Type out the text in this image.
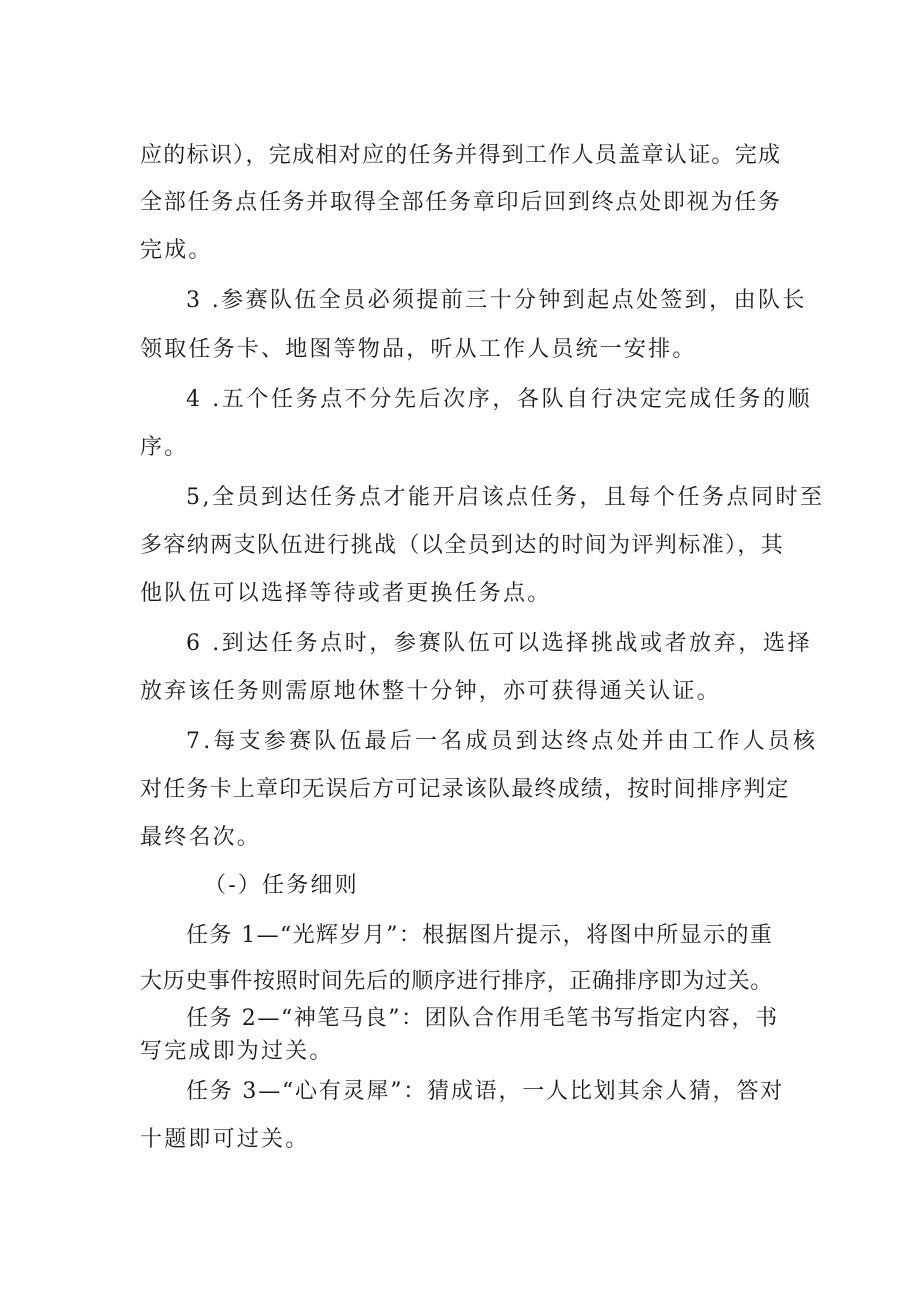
应的标识），完成相对应的任务并得到工作人员盖章认证。完成
全部任务点任务并取得全部任务章印后回到终点处即视为任务
完成。
3 .参赛队伍全员必须提前三十分钟到起点处签到，由队长
领取任务卡、地图等物品，听从工作人员统一安排。
4 .五个任务点不分先后次序，各队自行决定完成任务的顺
序。
5,全员到达任务点才能开启该点任务，且每个任务点同时至
多容纳两支队伍进行挑战（以全员到达的时间为评判标准），其
他队伍可以选择等待或者更换任务点。
6 .到达任务点时，参赛队伍可以选择挑战或者放弃，选择
放弃该任务则需原地休整十分钟，亦可获得通关认证。
7.每支参赛队伍最后一名成员到达终点处并由工作人员核
对任务卡上章印无误后方可记录该队最终成绩，按时间排序判定
最终名次。
（-）任务细则
任务 1—“光辉岁月”：根据图片提示，将图中所显示的重
大历史事件按照时间先后的顺序进行排序，正确排序即为过关。
任务 2—“神笔马良”：团队合作用毛笔书写指定内容，书
写完成即为过关。
任务 3—“心有灵犀”：猜成语，一人比划其余人猜，答对
十题即可过关。
